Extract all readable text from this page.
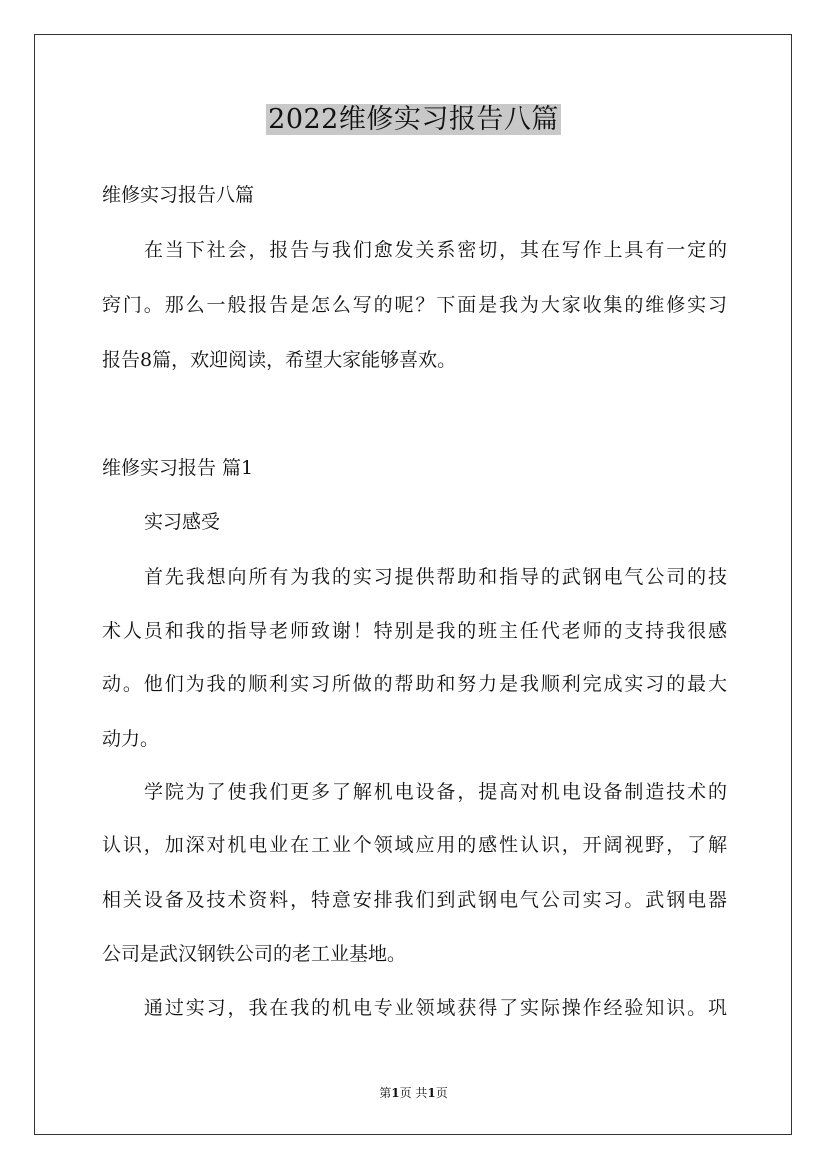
2022维修实习报告八篇
维修实习报告八篇
在当下社会，报告与我们愈发关系密切，其在写作上具有一定的
窍门。那么一般报告是怎么写的呢？下面是我为大家收集的维修实习
报告8篇，欢迎阅读，希望大家能够喜欢。
维修实习报告 篇1
实习感受
首先我想向所有为我的实习提供帮助和指导的武钢电气公司的技
术人员和我的指导老师致谢！特别是我的班主任代老师的支持我很感
动。他们为我的顺利实习所做的帮助和努力是我顺利完成实习的最大
动力。
学院为了使我们更多了解机电设备，提高对机电设备制造技术的
认识，加深对机电业在工业个领域应用的感性认识，开阔视野，了解
相关设备及技术资料，特意安排我们到武钢电气公司实习。武钢电器
公司是武汉钢铁公司的老工业基地。
通过实习，我在我的机电专业领域获得了实际操作经验知识。巩
第1页 共1页
